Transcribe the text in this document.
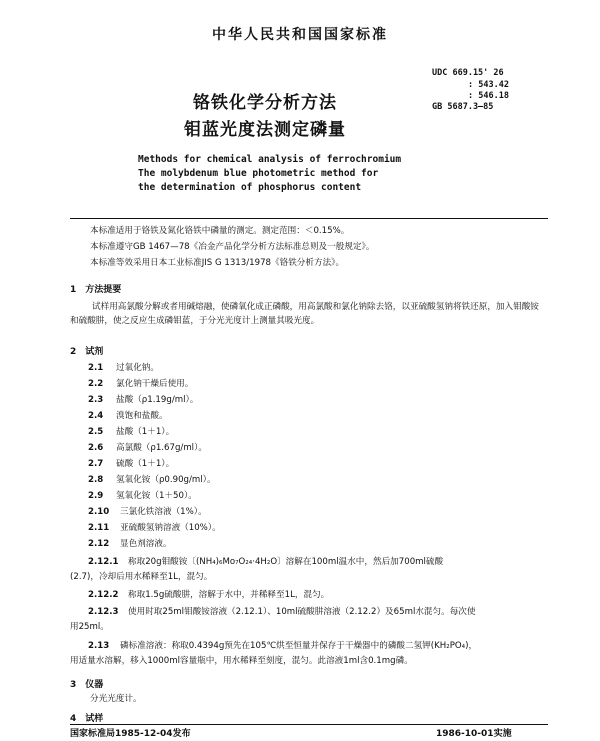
中华人民共和国国家标准
UDC 669.15' 26
: 543.42
: 546.18
GB 5687.3—85
铬铁化学分析方法
钼蓝光度法测定磷量
Methods for chemical analysis of ferrochromium
The molybdenum blue photometric method for
the determination of phosphorus content
本标准适用于铬铁及氮化铬铁中磷量的测定。测定范围：＜0.15%。
本标准遵守GB 1467—78《冶金产品化学分析方法标准总则及一般规定》。
本标准等效采用日本工业标准JIS G 1313/1978《铬铁分析方法》。
1　方法提要
试样用高氯酸分解或者用碱熔融，使磷氧化成正磷酸，用高氯酸和氯化钠除去铬，以亚硫酸氢钠将铁还原，加入钼酸铵和硫酸肼，使之反应生成磷钼蓝，于分光光度计上测量其吸光度。
2　试剂
2.1 过氧化钠。
2.2 氯化钠干燥后使用。
2.3 盐酸（ρ1.19g/ml）。
2.4 溴饱和盐酸。
2.5 盐酸（1＋1）。
2.6 高氯酸（ρ1.67g/ml）。
2.7 硫酸（1＋1）。
2.8 氢氧化铵（ρ0.90g/ml）。
2.9 氢氧化铵（1＋50）。
2.10 三氯化铁溶液（1%）。
2.11 亚硫酸氢钠溶液（10%）。
2.12 显色剂溶液。
2.12.1 称取20g钼酸铵〔(NH₄)₆Mo₇O₂₄·4H₂O〕溶解在100ml温水中，然后加700ml硫酸
(2.7)，冷却后用水稀释至1L，混匀。
2.12.2 称取1.5g硫酸肼，溶解于水中，并稀释至1L，混匀。
2.12.3 使用时取25ml钼酸铵溶液（2.12.1）、10ml硫酸肼溶液（2.12.2）及65ml水混匀。每次使
用25ml。
2.13 磷标准溶液：称取0.4394g预先在105℃烘至恒量并保存于干燥器中的磷酸二氢钾(KH₂PO₄)，
用适量水溶解，移入1000ml容量瓶中，用水稀释至刻度，混匀。此溶液1ml含0.1mg磷。
3　仪器
分光光度计。
4　试样
国家标准局1985-12-04发布	1986-10-01实施
